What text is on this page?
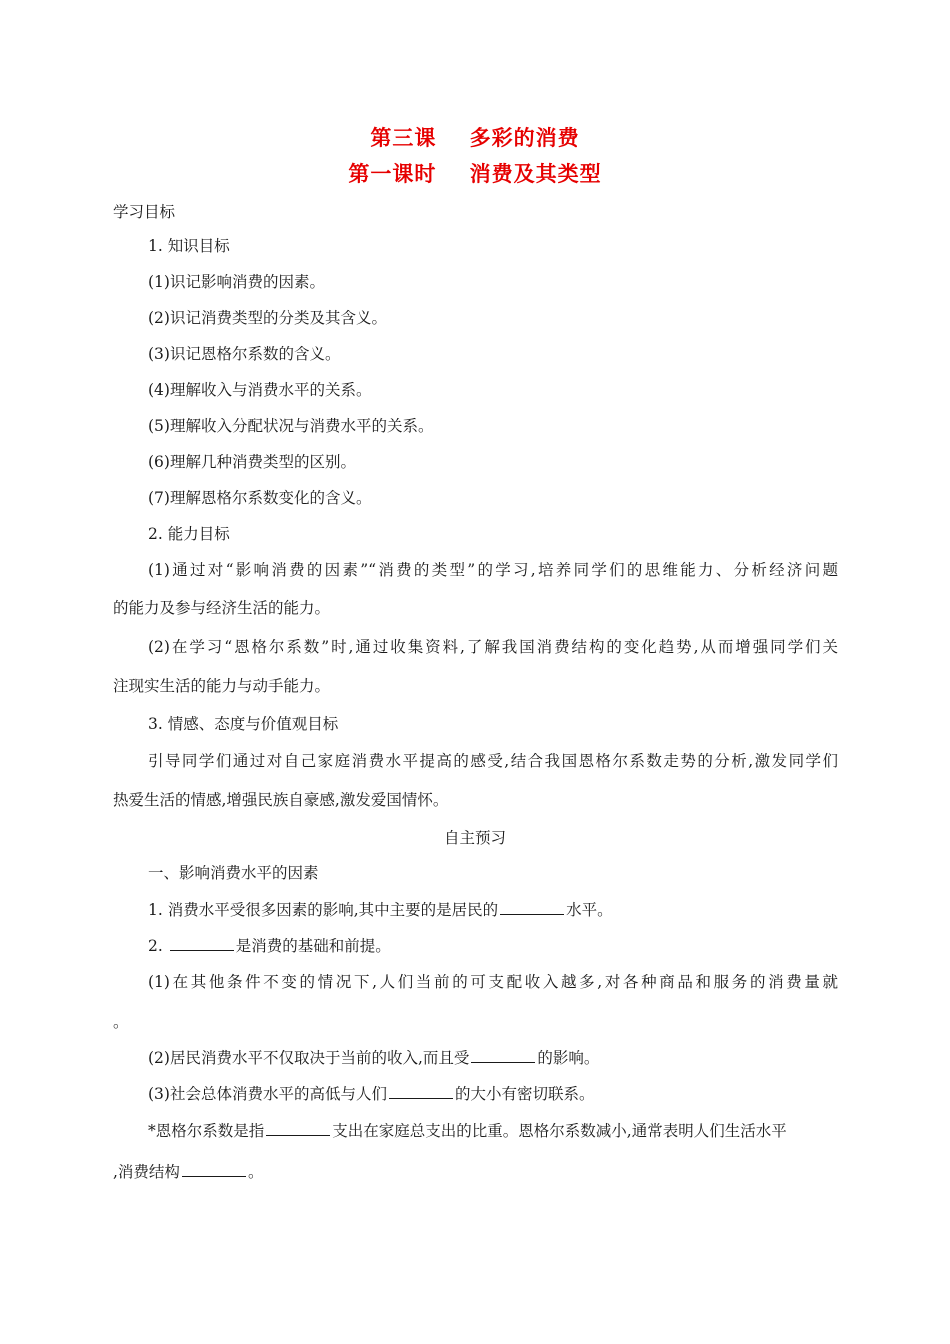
第三课    多彩的消费
第一课时    消费及其类型
学习目标
1. 知识目标
(1)识记影响消费的因素。
(2)识记消费类型的分类及其含义。
(3)识记恩格尔系数的含义。
(4)理解收入与消费水平的关系。
(5)理解收入分配状况与消费水平的关系。
(6)理解几种消费类型的区别。
(7)理解恩格尔系数变化的含义。
2. 能力目标
(1)通过对“影响消费的因素”“消费的类型”的学习,培养同学们的思维能力、分析经济问题
的能力及参与经济生活的能力。
(2)在学习“恩格尔系数”时,通过收集资料,了解我国消费结构的变化趋势,从而增强同学们关
注现实生活的能力与动手能力。
3. 情感、态度与价值观目标
引导同学们通过对自己家庭消费水平提高的感受,结合我国恩格尔系数走势的分析,激发同学们
热爱生活的情感,增强民族自豪感,激发爱国情怀。
自主预习
一、影响消费水平的因素
1. 消费水平受很多因素的影响,其中主要的是居民的	水平。
2.	是消费的基础和前提。
(1)在其他条件不变的情况下,人们当前的可支配收入越多,对各种商品和服务的消费量就
。
(2)居民消费水平不仅取决于当前的收入,而且受	的影响。
(3)社会总体消费水平的高低与人们	的大小有密切联系。
*恩格尔系数是指	支出在家庭总支出的比重。恩格尔系数减小,通常表明人们生活水平
,消费结构	。
